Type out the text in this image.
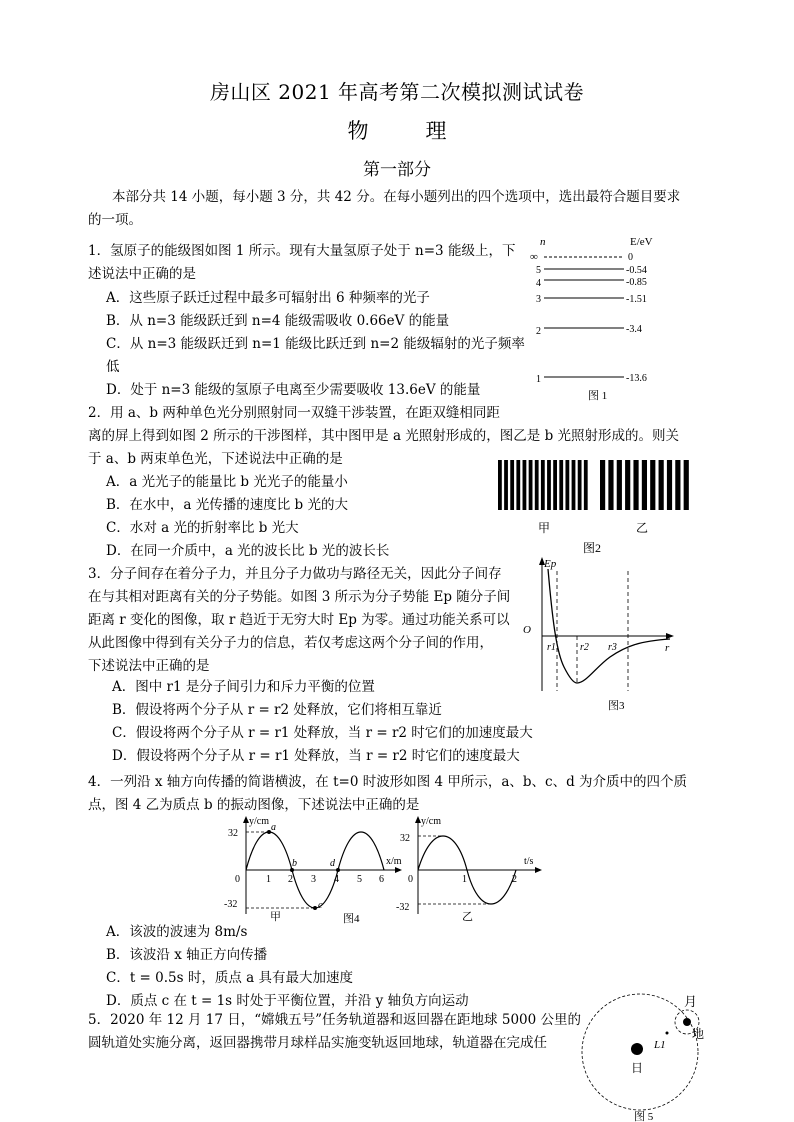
房山区 2021 年高考第二次模拟测试试卷
物　理
第一部分
本部分共 14 小题，每小题 3 分，共 42 分。在每小题列出的四个选项中，选出最符合题目要求
的一项。
1．氢原子的能级图如图 1 所示。现有大量氢原子处于 n=3 能级上，下
述说法中正确的是
A．这些原子跃迁过程中最多可辐射出 6 种频率的光子
B．从 n=3 能级跃迁到 n=4 能级需吸收 0.66eV 的能量
C．从 n=3 能级跃迁到 n=1 能级比跃迁到 n=2 能级辐射的光子频率
低
D．处于 n=3 能级的氢原子电离至少需要吸收 13.6eV 的能量
n	E/eV
∞	0
5	-0.54
4	-0.85
3	-1.51
2	-3.4
1	-13.6
图 1
2．用 a、b 两种单色光分别照射同一双缝干涉装置，在距双缝相同距
离的屏上得到如图 2 所示的干涉图样，其中图甲是 a 光照射形成的，图乙是 b 光照射形成的。则关
于 a、b 两束单色光，下述说法中正确的是
A．a 光光子的能量比 b 光光子的能量小
B．在水中，a 光传播的速度比 b 光的大
C．水对 a 光的折射率比 b 光大
D．在同一介质中，a 光的波长比 b 光的波长长
甲	乙
图2
3．分子间存在着分子力，并且分子力做功与路径无关，因此分子间存
在与其相对距离有关的分子势能。如图 3 所示为分子势能 Ep 随分子间
距离 r 变化的图像，取 r 趋近于无穷大时 Ep 为零。通过功能关系可以
从此图像中得到有关分子力的信息，若仅考虑这两个分子间的作用，
下述说法中正确的是
A．图中 r1 是分子间引力和斥力平衡的位置
B．假设将两个分子从 r = r2 处释放，它们将相互靠近
C．假设将两个分子从 r = r1 处释放，当 r = r2 时它们的加速度最大
D．假设将两个分子从 r = r1 处释放，当 r = r2 时它们的速度最大
Ep
r
O
r1 r2 r3
图3
4．一列沿 x 轴方向传播的简谐横波，在 t=0 时波形如图 4 甲所示，a、b、c、d 为介质中的四个质
点，图 4 乙为质点 b 的振动图像，下述说法中正确的是
A．该波的波速为 8m/s
B．该波沿 x 轴正方向传播
C．t = 0.5s 时，质点 a 具有最大加速度
D．质点 c 在 t = 1s 时处于平衡位置，并沿 y 轴负方向运动
y/cm
x/m
32
-32
0	1 2 3 4 5 6
a
b
c
d
甲	图4
y/cm
t/s
32
-32
0	1	2
乙
5．2020 年 12 月 17 日，“嫦娥五号”任务轨道器和返回器在距地球 5000 公里的
圆轨道处实施分离，返回器携带月球样品实施变轨返回地球，轨道器在完成任
日
月
地
L1
图 5
